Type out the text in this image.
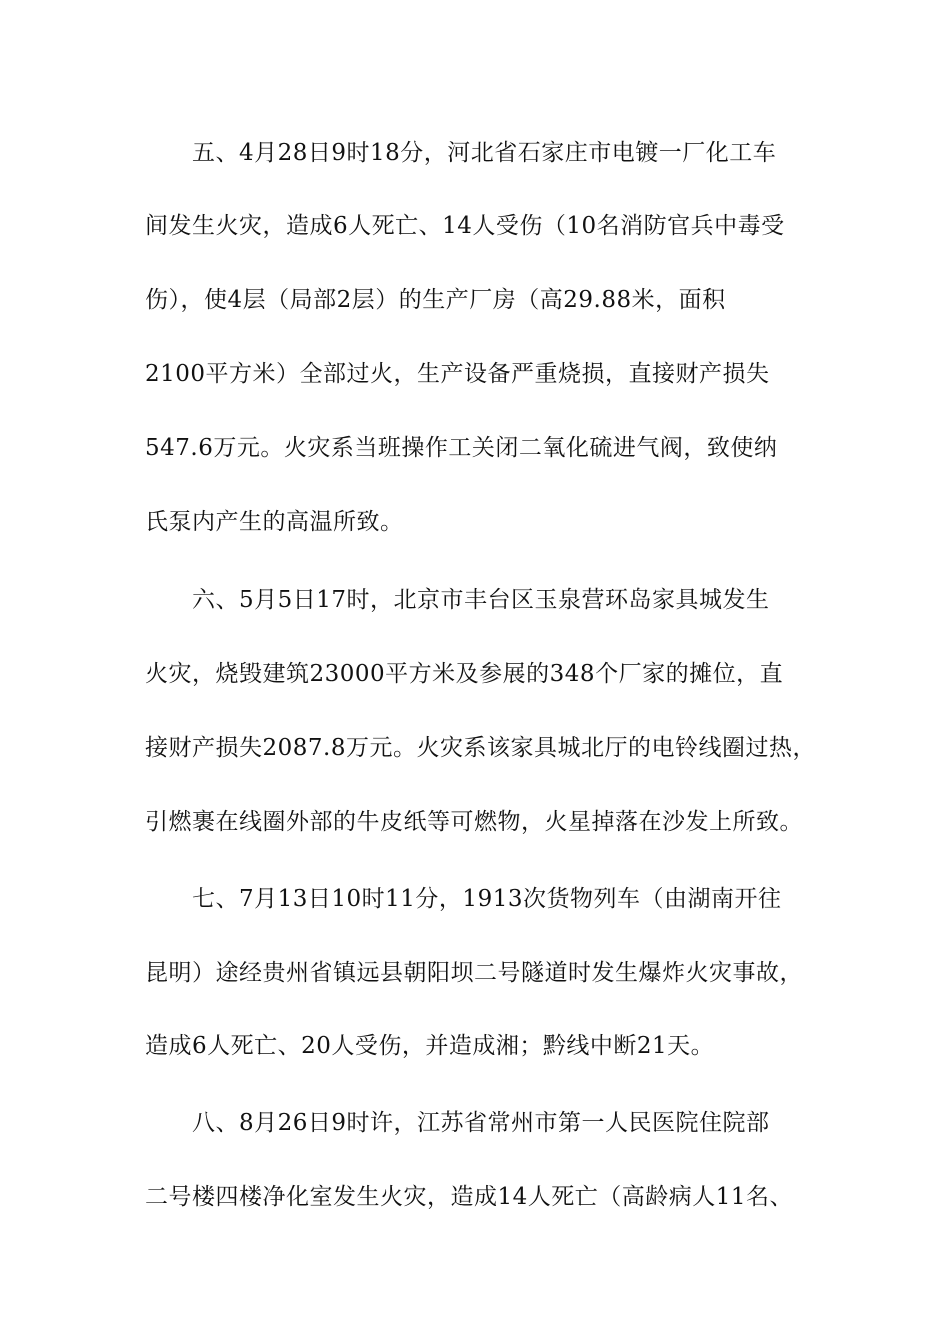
五、4月28日9时18分，河北省石家庄市电镀一厂化工车
间发生火灾，造成6人死亡、14人受伤（10名消防官兵中毒受
伤），使4层（局部2层）的生产厂房（高29.88米，面积
2100平方米）全部过火，生产设备严重烧损，直接财产损失
547.6万元。火灾系当班操作工关闭二氧化硫进气阀，致使纳
氏泵内产生的高温所致。
六、5月5日17时，北京市丰台区玉泉营环岛家具城发生
火灾，烧毁建筑23000平方米及参展的348个厂家的摊位，直
接财产损失2087.8万元。火灾系该家具城北厅的电铃线圈过热，
引燃裹在线圈外部的牛皮纸等可燃物，火星掉落在沙发上所致。
七、7月13日10时11分，1913次货物列车（由湖南开往
昆明）途经贵州省镇远县朝阳坝二号隧道时发生爆炸火灾事故，
造成6人死亡、20人受伤，并造成湘；黔线中断21天。
八、8月26日9时许，江苏省常州市第一人民医院住院部
二号楼四楼净化室发生火灾，造成14人死亡（高龄病人11名、
